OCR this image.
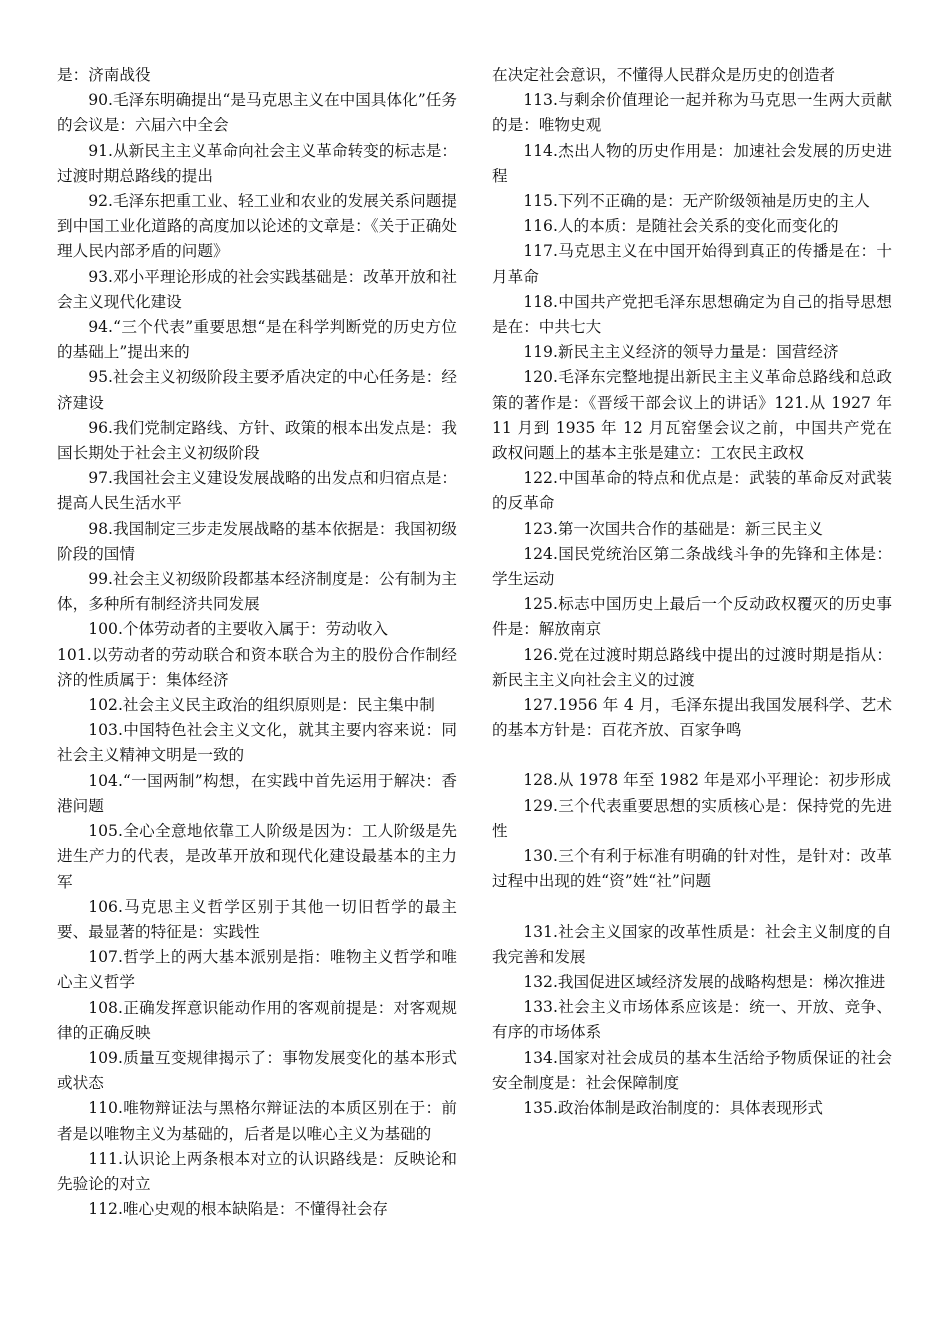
是：济南战役

90.毛泽东明确提出“是马克思主义在中国具体化”任务的会议是：六届六中全会

91.从新民主主义革命向社会主义革命转变的标志是：过渡时期总路线的提出

92.毛泽东把重工业、轻工业和农业的发展关系问题提到中国工业化道路的高度加以论述的文章是：《关于正确处理人民内部矛盾的问题》

93.邓小平理论形成的社会实践基础是：改革开放和社会主义现代化建设

94.“三个代表”重要思想“是在科学判断党的历史方位的基础上”提出来的

95.社会主义初级阶段主要矛盾决定的中心任务是：经济建设

96.我们党制定路线、方针、政策的根本出发点是：我国长期处于社会主义初级阶段

97.我国社会主义建设发展战略的出发点和归宿点是：提高人民生活水平

98.我国制定三步走发展战略的基本依据是：我国初级阶段的国情

99.社会主义初级阶段都基本经济制度是：公有制为主体，多种所有制经济共同发展

100.个体劳动者的主要收入属于：劳动收入

101.以劳动者的劳动联合和资本联合为主的股份合作制经济的性质属于：集体经济

102.社会主义民主政治的组织原则是：民主集中制

103.中国特色社会主义文化，就其主要内容来说：同社会主义精神文明是一致的

104.“一国两制”构想，在实践中首先运用于解决：香港问题

105.全心全意地依靠工人阶级是因为：工人阶级是先进生产力的代表，是改革开放和现代化建设最基本的主力军

106.马克思主义哲学区别于其他一切旧哲学的最主要、最显著的特征是：实践性

107.哲学上的两大基本派别是指：唯物主义哲学和唯心主义哲学

108.正确发挥意识能动作用的客观前提是：对客观规律的正确反映

109.质量互变规律揭示了：事物发展变化的基本形式或状态

110.唯物辩证法与黑格尔辩证法的本质区别在于：前者是以唯物主义为基础的，后者是以唯心主义为基础的

111.认识论上两条根本对立的认识路线是：反映论和先验论的对立

112.唯心史观的根本缺陷是：不懂得社会存

在决定社会意识，不懂得人民群众是历史的创造者

113.与剩余价值理论一起并称为马克思一生两大贡献的是：唯物史观

114.杰出人物的历史作用是：加速社会发展的历史进程

115.下列不正确的是：无产阶级领袖是历史的主人

116.人的本质：是随社会关系的变化而变化的

117.马克思主义在中国开始得到真正的传播是在：十月革命

118.中国共产党把毛泽东思想确定为自己的指导思想是在：中共七大

119.新民主主义经济的领导力量是：国营经济

120.毛泽东完整地提出新民主主义革命总路线和总政策的著作是：《晋绥干部会议上的讲话》121.从 1927 年 11 月到 1935 年 12 月瓦窑堡会议之前，中国共产党在政权问题上的基本主张是建立：工农民主政权

122.中国革命的特点和优点是：武装的革命反对武装的反革命

123.第一次国共合作的基础是：新三民主义

124.国民党统治区第二条战线斗争的先锋和主体是：学生运动

125.标志中国历史上最后一个反动政权覆灭的历史事件是：解放南京

126.党在过渡时期总路线中提出的过渡时期是指从：新民主主义向社会主义的过渡

127.1956 年 4 月，毛泽东提出我国发展科学、艺术的基本方针是：百花齐放、百家争鸣

128.从 1978 年至 1982 年是邓小平理论：初步形成

129.三个代表重要思想的实质核心是：保持党的先进性

130.三个有利于标准有明确的针对性，是针对：改革过程中出现的姓“资”姓“社”问题

131.社会主义国家的改革性质是：社会主义制度的自我完善和发展

132.我国促进区域经济发展的战略构想是：梯次推进

133.社会主义市场体系应该是：统一、开放、竞争、有序的市场体系

134.国家对社会成员的基本生活给予物质保证的社会安全制度是：社会保障制度

135.政治体制是政治制度的：具体表现形式
